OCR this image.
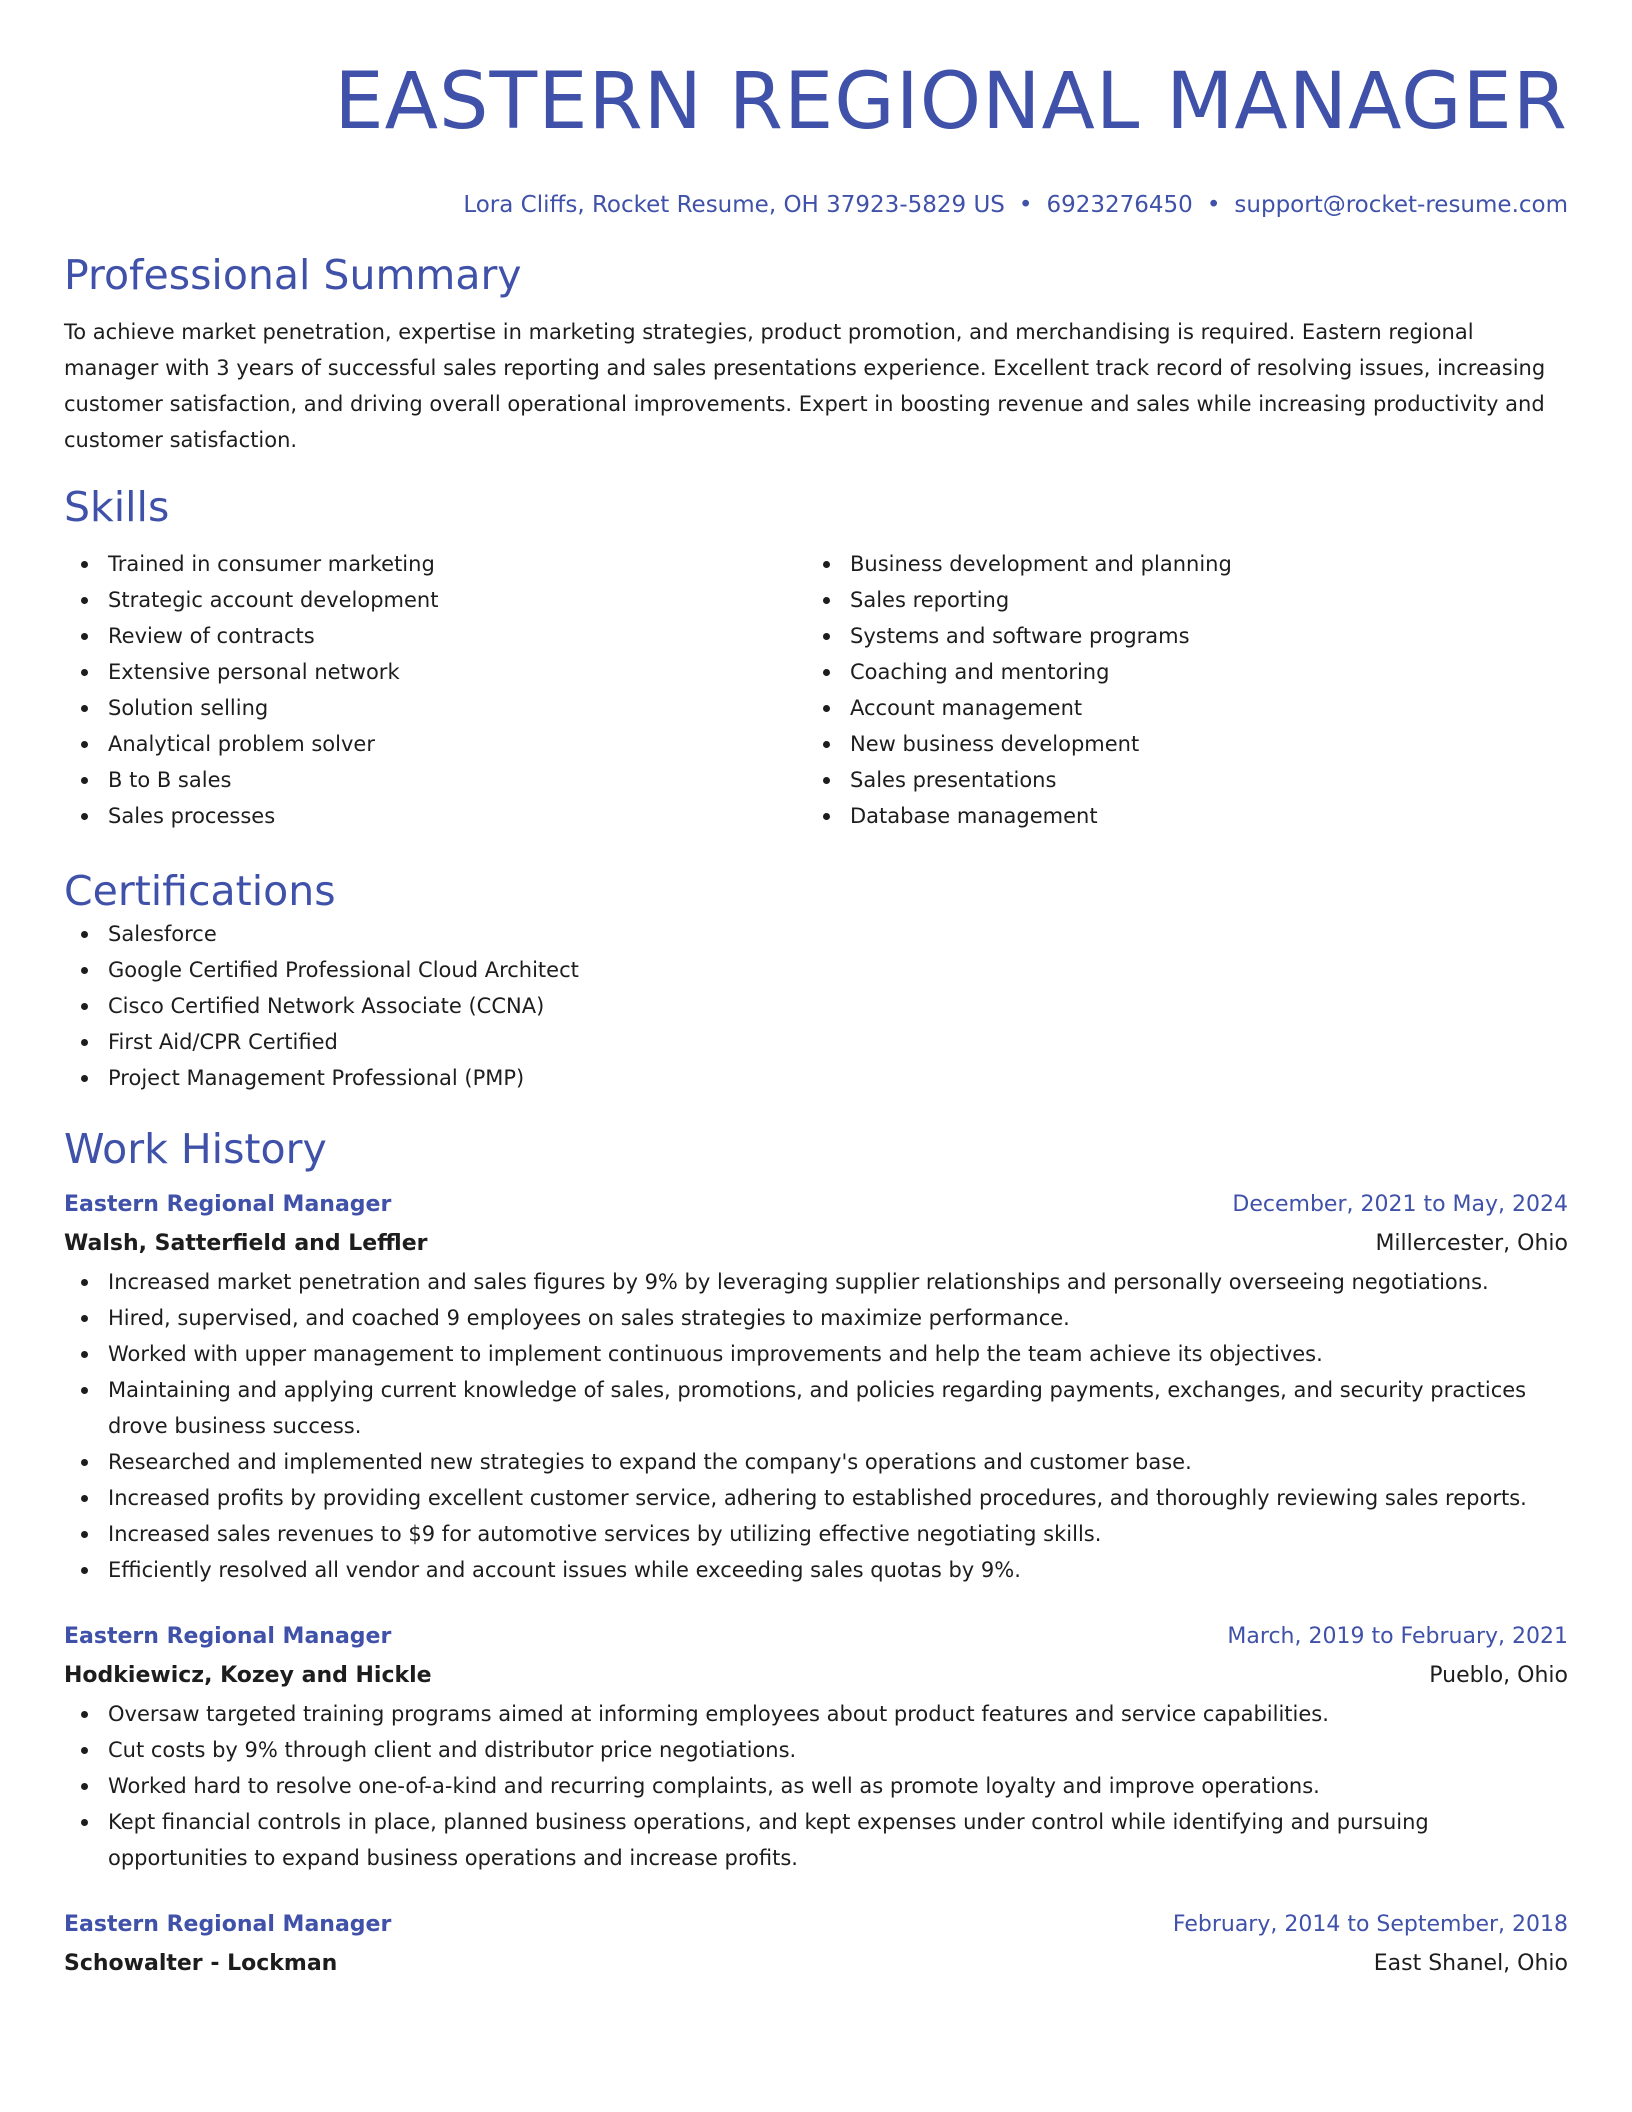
EASTERN REGIONAL MANAGER
Lora Cliffs, Rocket Resume, OH 37923-5829 US • 6923276450 • support@rocket-resume.com
Professional Summary
To achieve market penetration, expertise in marketing strategies, product promotion, and merchandising is required. Eastern regional manager with 3 years of successful sales reporting and sales presentations experience. Excellent track record of resolving issues, increasing customer satisfaction, and driving overall operational improvements. Expert in boosting revenue and sales while increasing productivity and customer satisfaction.
Skills
Trained in consumer marketing
Strategic account development
Review of contracts
Extensive personal network
Solution selling
Analytical problem solver
B to B sales
Sales processes
Business development and planning
Sales reporting
Systems and software programs
Coaching and mentoring
Account management
New business development
Sales presentations
Database management
Certifications
Salesforce
Google Certified Professional Cloud Architect
Cisco Certified Network Associate (CCNA)
First Aid/CPR Certified
Project Management Professional (PMP)
Work History
Eastern Regional Manager	December, 2021 to May, 2024
Walsh, Satterfield and Leffler	Millercester, Ohio
Increased market penetration and sales figures by 9% by leveraging supplier relationships and personally overseeing negotiations.
Hired, supervised, and coached 9 employees on sales strategies to maximize performance.
Worked with upper management to implement continuous improvements and help the team achieve its objectives.
Maintaining and applying current knowledge of sales, promotions, and policies regarding payments, exchanges, and security practices drove business success.
Researched and implemented new strategies to expand the company's operations and customer base.
Increased profits by providing excellent customer service, adhering to established procedures, and thoroughly reviewing sales reports.
Increased sales revenues to $9 for automotive services by utilizing effective negotiating skills.
Efficiently resolved all vendor and account issues while exceeding sales quotas by 9%.
Eastern Regional Manager	March, 2019 to February, 2021
Hodkiewicz, Kozey and Hickle	Pueblo, Ohio
Oversaw targeted training programs aimed at informing employees about product features and service capabilities.
Cut costs by 9% through client and distributor price negotiations.
Worked hard to resolve one-of-a-kind and recurring complaints, as well as promote loyalty and improve operations.
Kept financial controls in place, planned business operations, and kept expenses under control while identifying and pursuing opportunities to expand business operations and increase profits.
Eastern Regional Manager	February, 2014 to September, 2018
Schowalter - Lockman	East Shanel, Ohio
